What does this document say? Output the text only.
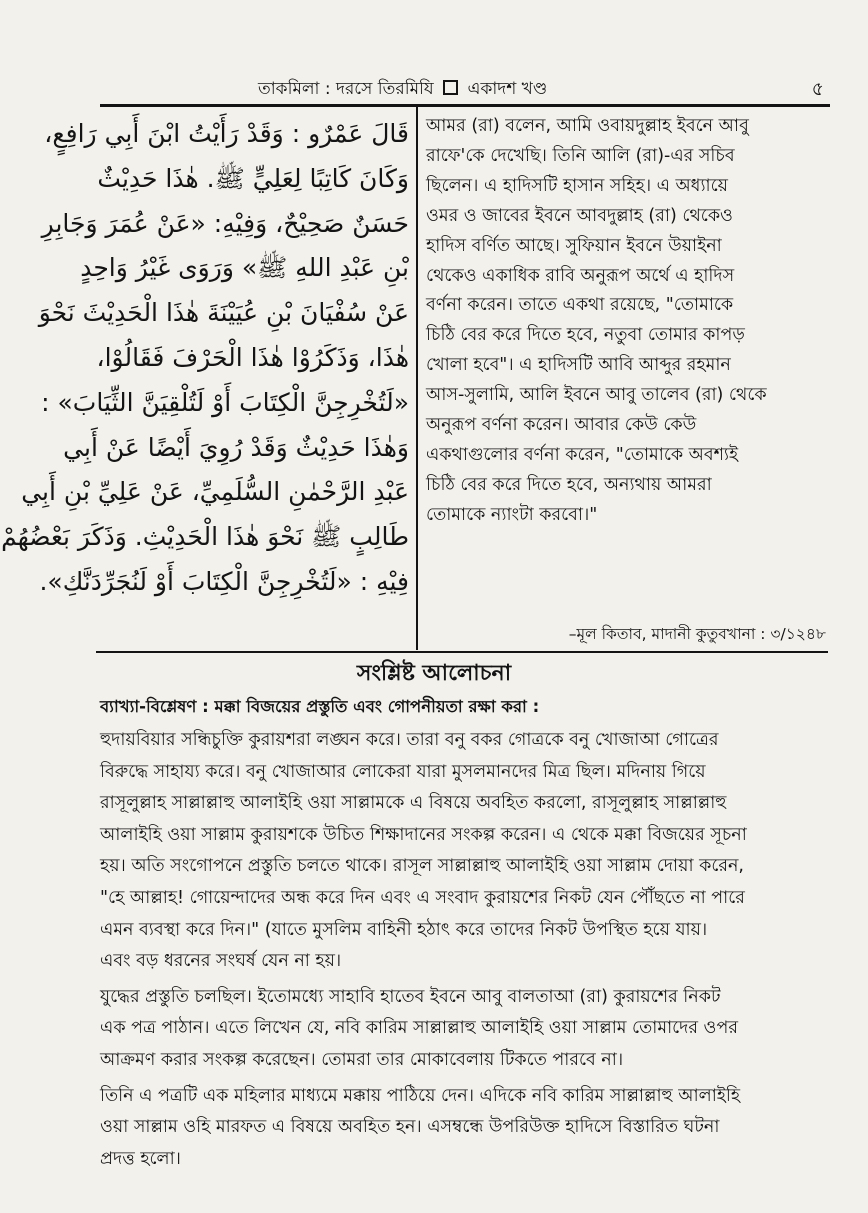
তাকমিলা : দরসে তিরমিযি একাদশ খণ্ড	৫
قَالَ عَمْرٌو : وَقَدْ رَأَيْتُ ابْنَ أَبِي رَافِعٍ،
وَكَانَ كَاتِبًا لِعَلِيٍّ ﷺ. هٰذَا حَدِيْثٌ
حَسَنٌ صَحِيْحٌ، وَفِيْهِ: «عَنْ عُمَرَ وَجَابِرِ
بْنِ عَبْدِ اللهِ ﷺ» وَرَوَى غَيْرُ وَاحِدٍ
عَنْ سُفْيَانَ بْنِ عُيَيْنَةَ هٰذَا الْحَدِيْثَ نَحْوَ
هٰذَا، وَذَكَرُوْا هٰذَا الْحَرْفَ فَقَالُوْا،
«لَتُخْرِجِنَّ الْكِتَابَ أَوْ لَتُلْقِيَنَّ الثِّيَابَ» :
وَهٰذَا حَدِيْثٌ وَقَدْ رُوِيَ أَيْضًا عَنْ أَبِي
عَبْدِ الرَّحْمٰنِ السُّلَمِيِّ، عَنْ عَلِيِّ بْنِ أَبِي
طَالِبٍ ﷺ نَحْوَ هٰذَا الْحَدِيْثِ. وَذَكَرَ بَعْضُهُمْ
فِيْهِ : «لَتُخْرِجِنَّ الْكِتَابَ أَوْ لَنُجَرِّدَنَّكِ».
আমর (রা) বলেন, আমি ওবায়দুল্লাহ ইবনে আবু
রাফে'কে দেখেছি। তিনি আলি (রা)-এর সচিব
ছিলেন। এ হাদিসটি হাসান সহিহ। এ অধ্যায়ে
ওমর ও জাবের ইবনে আবদুল্লাহ (রা) থেকেও
হাদিস বর্ণিত আছে। সুফিয়ান ইবনে উয়াইনা
থেকেও একাধিক রাবি অনুরূপ অর্থে এ হাদিস
বর্ণনা করেন। তাতে একথা রয়েছে, "তোমাকে
চিঠি বের করে দিতে হবে, নতুবা তোমার কাপড়
খোলা হবে"। এ হাদিসটি আবি আব্দুর রহমান
আস-সুলামি, আলি ইবনে আবু তালেব (রা) থেকে
অনুরূপ বর্ণনা করেন। আবার কেউ কেউ
একথাগুলোর বর্ণনা করেন, "তোমাকে অবশ্যই
চিঠি বের করে দিতে হবে, অন্যথায় আমরা
তোমাকে ন্যাংটা করবো।"
–মূল কিতাব, মাদানী কুতুবখানা : ৩/১২৪৮
সংশ্লিষ্ট আলোচনা
ব্যাখ্যা-বিশ্লেষণ : মক্কা বিজয়ের প্রস্তুতি এবং গোপনীয়তা রক্ষা করা :
হুদায়বিয়ার সন্ধিচুক্তি কুরায়শরা লঙ্ঘন করে। তারা বনু বকর গোত্রকে বনু খোজাআ গোত্রের
বিরুদ্ধে সাহায্য করে। বনু খোজাআর লোকেরা যারা মুসলমানদের মিত্র ছিল। মদিনায় গিয়ে
রাসূলুল্লাহ সাল্লাল্লাহু আলাইহি ওয়া সাল্লামকে এ বিষয়ে অবহিত করলো, রাসূলুল্লাহ সাল্লাল্লাহু
আলাইহি ওয়া সাল্লাম কুরায়শকে উচিত শিক্ষাদানের সংকল্প করেন। এ থেকে মক্কা বিজয়ের সূচনা
হয়। অতি সংগোপনে প্রস্তুতি চলতে থাকে। রাসূল সাল্লাল্লাহু আলাইহি ওয়া সাল্লাম দোয়া করেন,
"হে আল্লাহ! গোয়েন্দাদের অন্ধ করে দিন এবং এ সংবাদ কুরায়শের নিকট যেন পৌঁছতে না পারে
এমন ব্যবস্থা করে দিন।" (যাতে মুসলিম বাহিনী হঠাৎ করে তাদের নিকট উপস্থিত হয়ে যায়।
এবং বড় ধরনের সংঘর্ষ যেন না হয়।
যুদ্ধের প্রস্তুতি চলছিল। ইতোমধ্যে সাহাবি হাতেব ইবনে আবু বালতাআ (রা) কুরায়শের নিকট
এক পত্র পাঠান। এতে লিখেন যে, নবি কারিম সাল্লাল্লাহু আলাইহি ওয়া সাল্লাম তোমাদের ওপর
আক্রমণ করার সংকল্প করেছেন। তোমরা তার মোকাবেলায় টিকতে পারবে না।
তিনি এ পত্রটি এক মহিলার মাধ্যমে মক্কায় পাঠিয়ে দেন। এদিকে নবি কারিম সাল্লাল্লাহু আলাইহি
ওয়া সাল্লাম ওহি মারফত এ বিষয়ে অবহিত হন। এসম্বন্ধে উপরিউক্ত হাদিসে বিস্তারিত ঘটনা
প্রদত্ত হলো।
